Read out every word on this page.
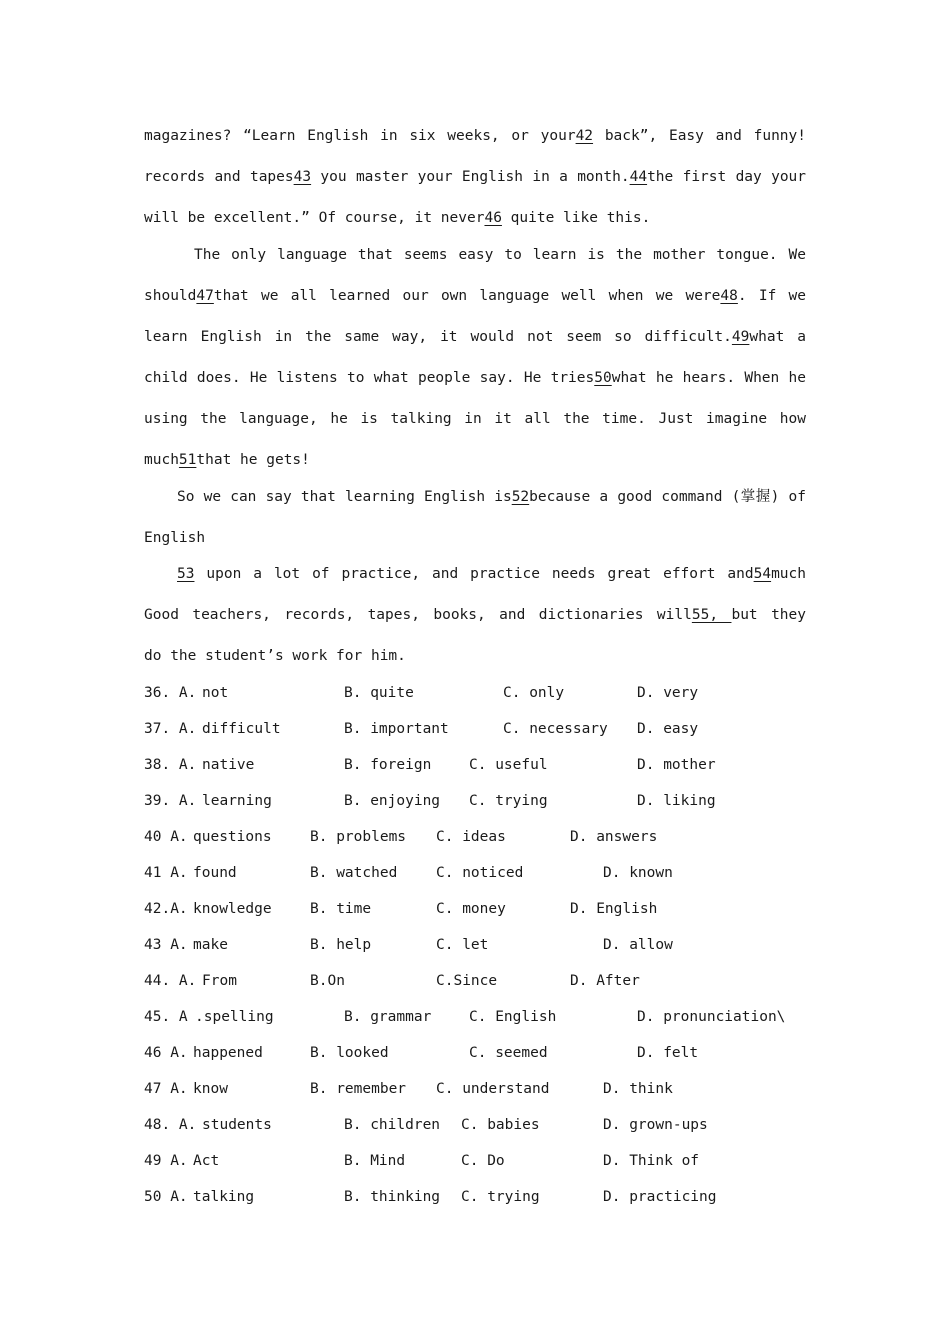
magazines? “Learn English in six weeks, or your42 back”, Easy and funny!
records and tapes43 you master your English in a month.44the first day your
will be excellent.” Of course, it never46 quite like this.
The only language that seems easy to learn is the mother tongue. We
should47that we all learned our own language well when we were48. If we
learn English in the same way, it would not seem so difficult.49what a
child does. He listens to what people say. He tries50what he hears. When he
using the language, he is talking in it all the time. Just imagine how
much51that he gets!
So we can say that learning English is52because a good command (掌握) of
English
53 upon a lot of practice, and practice needs great effort and54much
Good teachers, records, tapes, books, and dictionaries will55, but they
do the student’s work for him.
36. A. not	B. quite	C. only	D. very
37. A. difficult	B. important	C. necessary D. easy
38. A. native	B. foreign	C. useful	D. mother
39. A. learning	B. enjoying C. trying	D. liking
40 A. questions	B. problems C. ideas	D. answers
41 A. found	B. watched	C. noticed	D. known
42.A. knowledge	B. time	C. money	D. English
43 A. make	B. help	C. let	D. allow
44. A. From	B.On	C.Since	D. After
45. A .spelling	B. grammar	C. English	D. pronunciation\
46 A. happened	B. looked	C. seemed	D. felt
47 A. know	B. remember C. understand	D. think
48. A. students	B. children C. babies	D. grown-ups
49 A. Act	B. Mind	C. Do	D. Think of
50 A. talking	B. thinking C. trying	D. practicing
